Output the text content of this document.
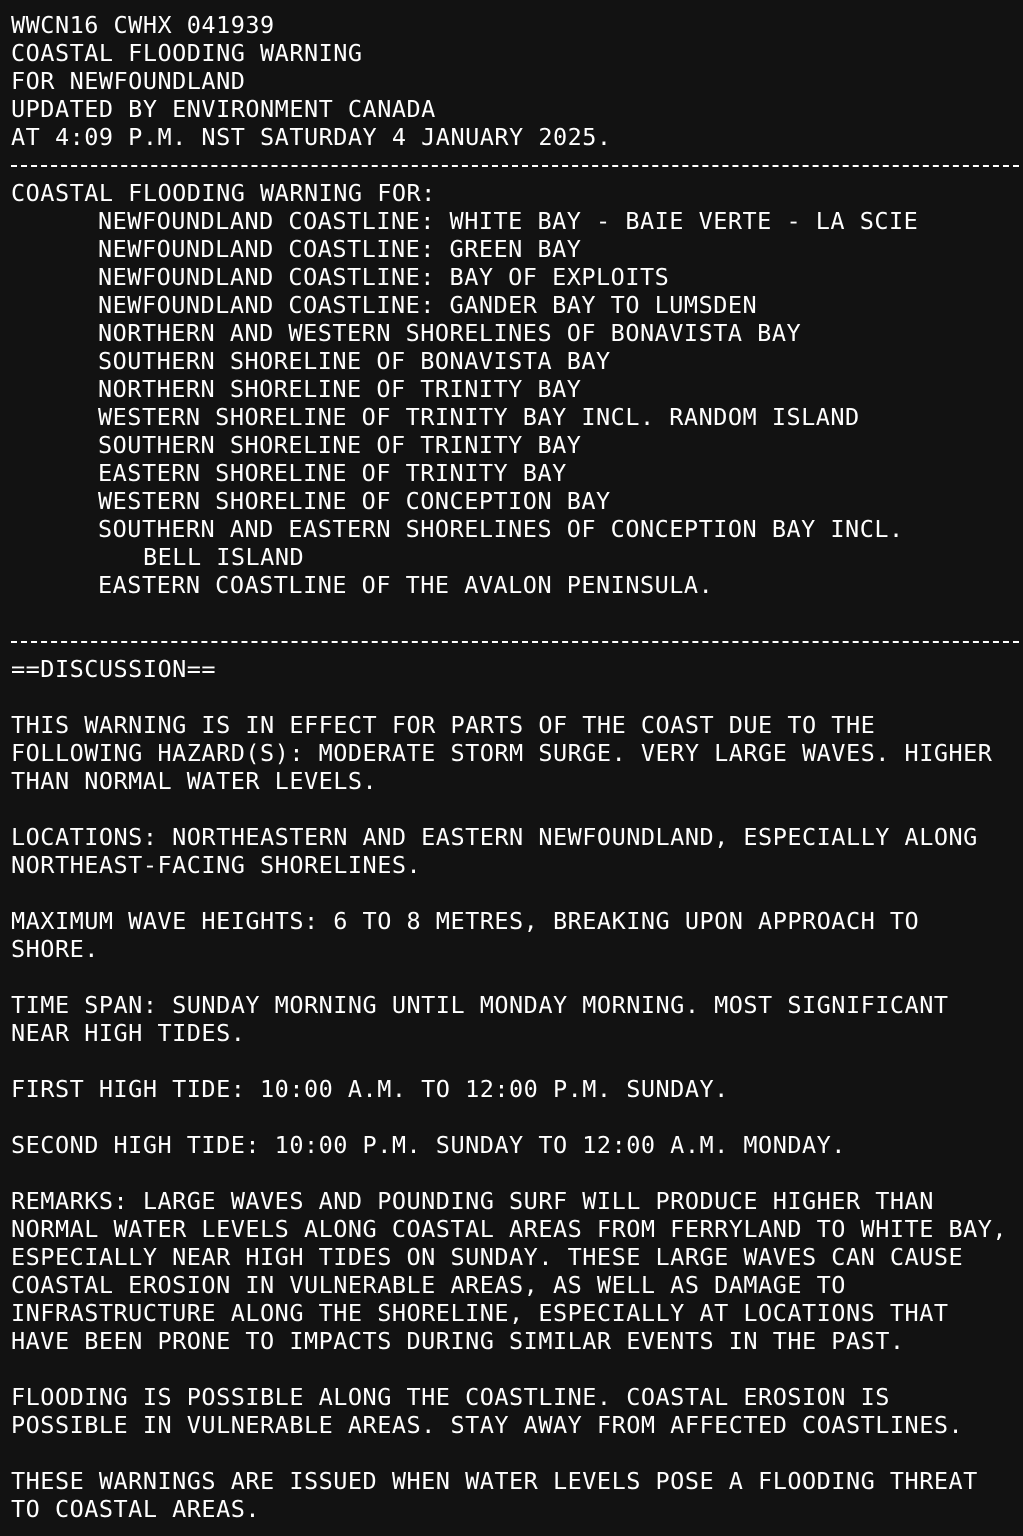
WWCN16 CWHX 041939
COASTAL FLOODING WARNING
FOR NEWFOUNDLAND
UPDATED BY ENVIRONMENT CANADA
AT 4:09 P.M. NST SATURDAY 4 JANUARY 2025.
COASTAL FLOODING WARNING FOR:
NEWFOUNDLAND COASTLINE: WHITE BAY - BAIE VERTE - LA SCIE
NEWFOUNDLAND COASTLINE: GREEN BAY
NEWFOUNDLAND COASTLINE: BAY OF EXPLOITS
NEWFOUNDLAND COASTLINE: GANDER BAY TO LUMSDEN
NORTHERN AND WESTERN SHORELINES OF BONAVISTA BAY
SOUTHERN SHORELINE OF BONAVISTA BAY
NORTHERN SHORELINE OF TRINITY BAY
WESTERN SHORELINE OF TRINITY BAY INCL. RANDOM ISLAND
SOUTHERN SHORELINE OF TRINITY BAY
EASTERN SHORELINE OF TRINITY BAY
WESTERN SHORELINE OF CONCEPTION BAY
SOUTHERN AND EASTERN SHORELINES OF CONCEPTION BAY INCL.
BELL ISLAND
EASTERN COASTLINE OF THE AVALON PENINSULA.
==DISCUSSION==
THIS WARNING IS IN EFFECT FOR PARTS OF THE COAST DUE TO THE
FOLLOWING HAZARD(S): MODERATE STORM SURGE. VERY LARGE WAVES. HIGHER
THAN NORMAL WATER LEVELS.
LOCATIONS: NORTHEASTERN AND EASTERN NEWFOUNDLAND, ESPECIALLY ALONG
NORTHEAST-FACING SHORELINES.
MAXIMUM WAVE HEIGHTS: 6 TO 8 METRES, BREAKING UPON APPROACH TO
SHORE.
TIME SPAN: SUNDAY MORNING UNTIL MONDAY MORNING. MOST SIGNIFICANT
NEAR HIGH TIDES.
FIRST HIGH TIDE: 10:00 A.M. TO 12:00 P.M. SUNDAY.
SECOND HIGH TIDE: 10:00 P.M. SUNDAY TO 12:00 A.M. MONDAY.
REMARKS: LARGE WAVES AND POUNDING SURF WILL PRODUCE HIGHER THAN
NORMAL WATER LEVELS ALONG COASTAL AREAS FROM FERRYLAND TO WHITE BAY,
ESPECIALLY NEAR HIGH TIDES ON SUNDAY. THESE LARGE WAVES CAN CAUSE
COASTAL EROSION IN VULNERABLE AREAS, AS WELL AS DAMAGE TO
INFRASTRUCTURE ALONG THE SHORELINE, ESPECIALLY AT LOCATIONS THAT
HAVE BEEN PRONE TO IMPACTS DURING SIMILAR EVENTS IN THE PAST.
FLOODING IS POSSIBLE ALONG THE COASTLINE. COASTAL EROSION IS
POSSIBLE IN VULNERABLE AREAS. STAY AWAY FROM AFFECTED COASTLINES.
THESE WARNINGS ARE ISSUED WHEN WATER LEVELS POSE A FLOODING THREAT
TO COASTAL AREAS.
